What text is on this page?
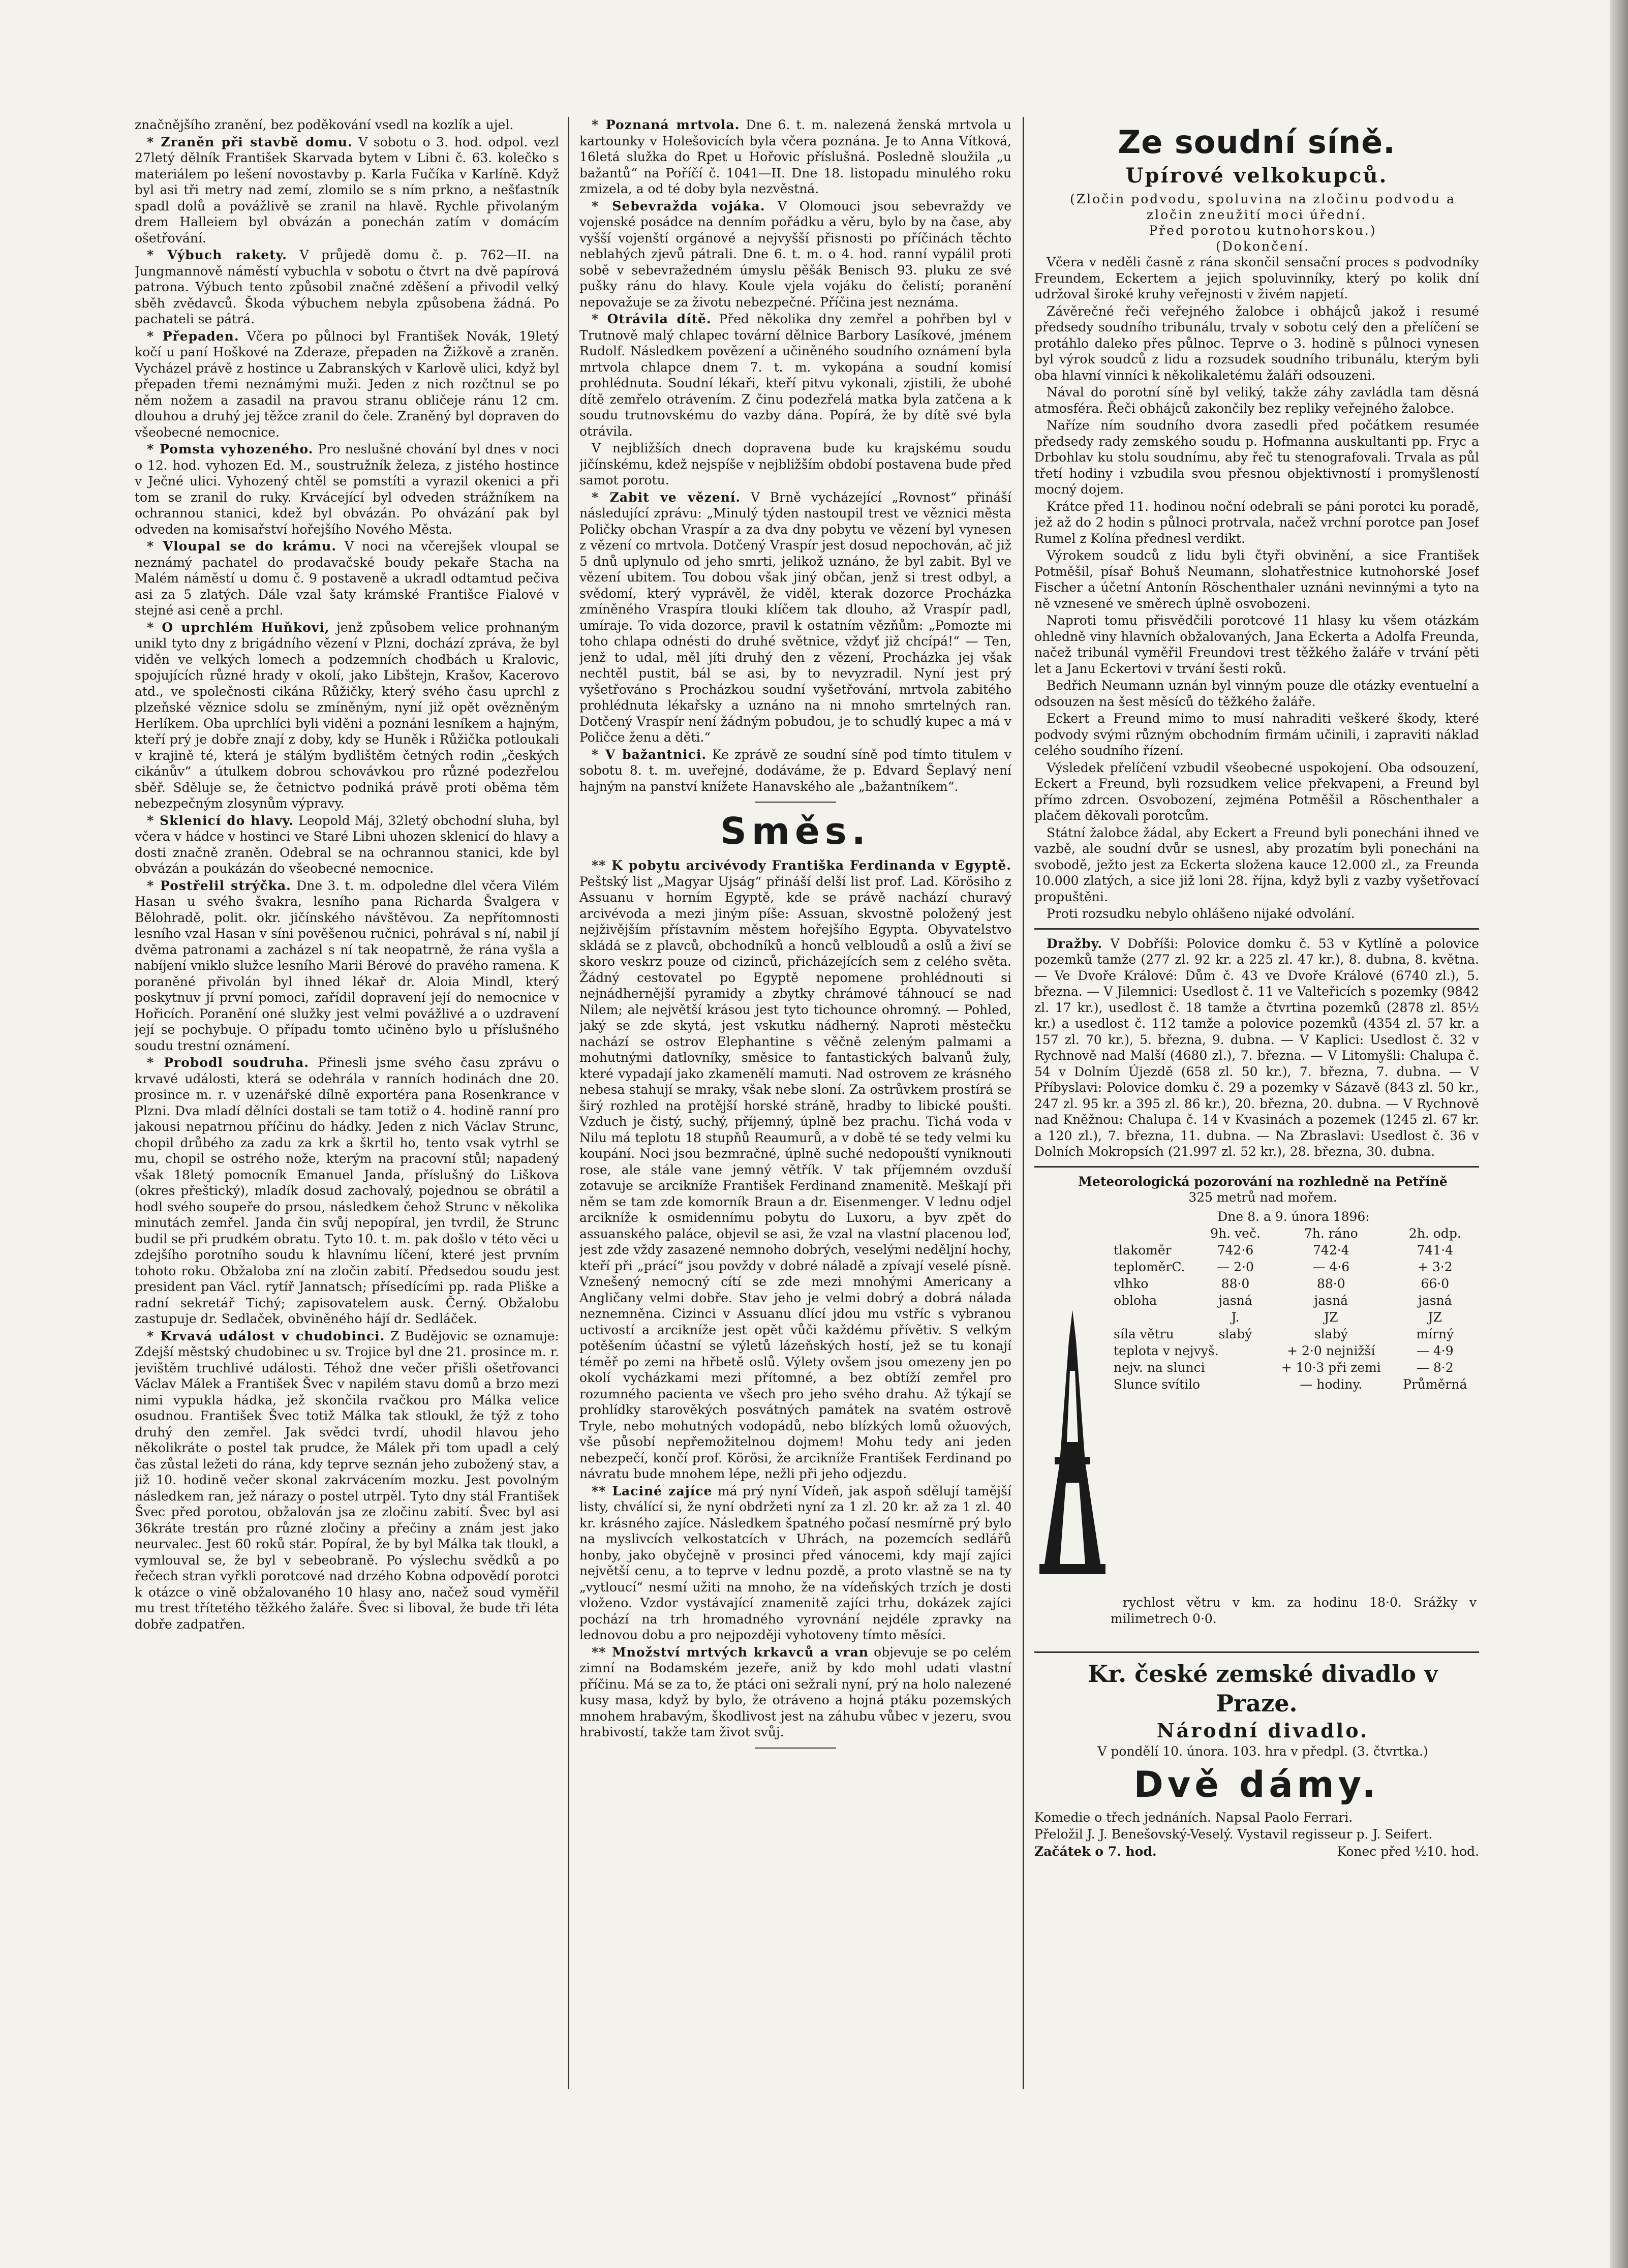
značnějšího zranění, bez poděkování vsedl na kozlík a ujel.

* Zraněn při stavbě domu. V sobotu o 3. hod. odpol. vezl 27letý dělník František Skarvada bytem v Libni č. 63. kolečko s materiálem po lešení novostavby p. Karla Fučíka v Karlíně. Když byl asi tři metry nad zemí, zlomilo se s ním prkno, a nešťastník spadl dolů a povážlivě se zranil na hlavě. Rychle přivolaným drem Halleiem byl obvázán a ponechán zatím v domácím ošetřování.

* Výbuch rakety. V průjedě domu č. p. 762—II. na Jungmannově náměstí vybuchla v sobotu o čtvrt na dvě papírová patrona. Výbuch tento způsobil značné zděšení a přivodil velký sběh zvědavců. Škoda výbuchem nebyla způsobena žádná. Po pachateli se pátrá.

* Přepaden. Včera po půlnoci byl František Novák, 19letý kočí u paní Hoškové na Zderaze, přepaden na Žižkově a zraněn. Vycházel právě z hostince u Zabranských v Karlově ulici, když byl přepaden třemi neznámými muži. Jeden z nich rozčtnul se po něm nožem a zasadil na pravou stranu obličeje ránu 12 cm. dlouhou a druhý jej těžce zranil do čele. Zraněný byl dopraven do všeobecné nemocnice.

* Pomsta vyhozeného. Pro neslušné chování byl dnes v noci o 12. hod. vyhozen Ed. M., soustružník železa, z jistého hostince v Ječné ulici. Vyhozený chtěl se pomstíti a vyrazil okenici a při tom se zranil do ruky. Krvácející byl odveden strážníkem na ochrannou stanici, kdež byl obvázán. Po ohvázání pak byl odveden na komisařství hořejšího Nového Města.

* Vloupal se do krámu. V noci na včerejšek vloupal se neznámý pachatel do prodavačské boudy pekaře Stacha na Malém náměstí u domu č. 9 postaveně a ukradl odtamtud pečiva asi za 5 zlatých. Dále vzal šaty krámské Františce Fialové v stejné asi ceně a prchl.

* O uprchlém Huňkovi, jenž způsobem velice prohnaným unikl tyto dny z brigádního vězení v Plzni, dochází zpráva, že byl viděn ve velkých lomech a podzemních chodbách u Kralovic, spojujících různé hrady v okolí, jako Libštejn, Krašov, Kacerovo atd., ve společnosti cikána Růžičky, který svého času uprchl z plzeňské věznice sdolu se zmíněným, nyní již opět ovězněným Herlíkem. Oba uprchlíci byli viděni a poznáni lesníkem a hajným, kteří prý je dobře znají z doby, kdy se Huněk i Růžička potloukali v krajině té, která je stálým bydlištěm četných rodin „českých cikánův“ a útulkem dobrou schovávkou pro různé podezřelou sběř. Sděluje se, že četnictvo podniká právě proti oběma těm nebezpečným zlosynům výpravy.

* Sklenicí do hlavy. Leopold Máj, 32letý obchodní sluha, byl včera v hádce v hostinci ve Staré Libni uhozen sklenicí do hlavy a dosti značně zraněn. Odebral se na ochrannou stanici, kde byl obvázán a poukázán do všeobecné nemocnice.

* Postřelil strýčka. Dne 3. t. m. odpoledne dlel včera Vilém Hasan u svého švakra, lesního pana Richarda Švalgera v Bělohradě, polit. okr. jičínského návštěvou. Za nepřítomnosti lesního vzal Hasan v síni pověšenou ručnici, pohrával s ní, nabil jí dvěma patronami a zacházel s ní tak neopatrně, že rána vyšla a nabíjení vniklo služce lesního Marii Bérové do pravého ramena. K poraněné přivolán byl ihned lékař dr. Aloia Mindl, který poskytnuv jí první pomoci, zařídil dopravení její do nemocnice v Hořicích. Poranění oné služky jest velmi povážlivé a o uzdravení její se pochybuje. O případu tomto učiněno bylo u příslušného soudu trestní oznámení.

* Probodl soudruha. Přinesli jsme svého času zprávu o krvavé události, která se odehrála v ranních hodinách dne 20. prosince m. r. v uzenářské dílně exportéra pana Rosenkrance v Plzni. Dva mladí dělníci dostali se tam totiž o 4. hodině ranní pro jakousi nepatrnou příčinu do hádky. Jeden z nich Václav Strunc, chopil drůbého za zadu za krk a škrtil ho, tento vsak vytrhl se mu, chopil se ostrého nože, kterým na pracovní stůl; napadený však 18letý pomocník Emanuel Janda, příslušný do Liškova (okres přeštický), mladík dosud zachovalý, pojednou se obrátil a hodl svého soupeře do prsou, následkem čehož Strunc v několika minutách zemřel. Janda čin svůj nepopíral, jen tvrdil, že Strunc budil se při prudkém obratu. Tyto 10. t. m. pak došlo v této věci u zdejšího porotního soudu k hlavnímu líčení, které jest prvním tohoto roku. Obžaloba zní na zločin zabití. Předsedou soudu jest president pan Václ. rytíř Jannatsch; přísedícími pp. rada Pliške a radní sekretář Tichý; zapisovatelem ausk. Černý. Obžalobu zastupuje dr. Sedlaček, obviněného hájí dr. Sedláček.

* Krvavá událost v chudobinci. Z Budějovic se oznamuje: Zdejší městský chudobinec u sv. Trojice byl dne 21. prosince m. r. jevištěm truchlivé události. Téhož dne večer přišli ošetřovanci Václav Málek a František Švec v napilém stavu domů a brzo mezi nimi vypukla hádka, jež skončila rvačkou pro Málka velice osudnou. František Švec totiž Málka tak stloukl, že týž z toho druhý den zemřel. Jak svědci tvrdí, uhodil hlavou jeho několikráte o postel tak prudce, že Málek při tom upadl a celý čas zůstal ležeti do rána, kdy teprve seznán jeho zubožený stav, a již 10. hodině večer skonal zakrvácením mozku. Jest povolným následkem ran, jež nárazy o postel utrpěl. Tyto dny stál František Švec před porotou, obžalován jsa ze zločinu zabití. Švec byl asi 36kráte trestán pro různé zločiny a přečiny a znám jest jako neurvalec. Jest 60 roků stár. Popíral, že by byl Málka tak tloukl, a vymlouval se, že byl v sebeobraně. Po výslechu svědků a po řečech stran vyřkli porotcové nad drzého Kobna odpovědí porotci k otázce o vině obžalovaného 10 hlasy ano, načež soud vyměřil mu trest třítetého těžkého žaláře. Švec si liboval, že bude tři léta dobře zadpatřen.

* Poznaná mrtvola. Dne 6. t. m. nalezená ženská mrtvola u kartounky v Holešovicích byla včera poznána. Je to Anna Vítková, 16letá služka do Rpet u Hořovic příslušná. Posledně sloužila „u bažantů“ na Poříčí č. 1041—II. Dne 18. listopadu minulého roku zmizela, a od té doby byla nezvěstná.

* Sebevražda vojáka. V Olomouci jsou sebevraždy ve vojenské posádce na denním pořádku a věru, bylo by na čase, aby vyšší vojenští orgánové a nejvyšší přisnosti po příčinách těchto neblahých zjevů pátrali. Dne 6. t. m. o 4. hod. ranní vypálil proti sobě v sebevražedném úmyslu pěšák Benisch 93. pluku ze své pušky ránu do hlavy. Koule vjela vojáku do čelistí; poranění nepovažuje se za životu nebezpečné. Příčina jest neznáma.

* Otrávila dítě. Před několika dny zemřel a pohřben byl v Trutnově malý chlapec tovární dělnice Barbory Lasíkové, jménem Rudolf. Následkem povězení a učiněného soudního oznámení byla mrtvola chlapce dnem 7. t. m. vykopána a soudní komisí prohlédnuta. Soudní lékaři, kteří pitvu vykonali, zjistili, že ubohé dítě zemřelo otrávením. Z činu podezřelá matka byla zatčena a k soudu trutnovskému do vazby dána. Popírá, že by dítě své byla otrávila.

V nejbližších dnech dopravena bude ku krajskému soudu jičínskému, kdež nejspíše v nejbližším období postavena bude před samot porotu.

* Zabit ve vězení. V Brně vycházející „Rovnost“ přináší následující zprávu: „Minulý týden nastoupil trest ve věznici města Poličky obchan Vraspír a za dva dny pobytu ve vězení byl vynesen z vězení co mrtvola. Dotčený Vraspír jest dosud nepochován, ač již 5 dnů uplynulo od jeho smrti, jelikož uznáno, že byl zabit. Byl ve vězení ubitem. Tou dobou však jiný občan, jenž si trest odbyl, a svědomí, který vyprávěl, že viděl, kterak dozorce Procházka zmíněného Vraspíra tlouki klíčem tak dlouho, až Vraspír padl, umíraje. To vida dozorce, pravil k ostatním vězňům: „Pomozte mi toho chlapa odnésti do druhé světnice, vždyť již chcípá!“ — Ten, jenž to udal, měl jíti druhý den z vězení, Procházka jej však nechtěl pustit, bál se asi, by to nevyzradil. Nyní jest prý vyšetřováno s Procházkou soudní vyšetřování, mrtvola zabitého prohlédnuta lékařsky a uznáno na ni mnoho smrtelných ran. Dotčený Vraspír není žádným pobudou, je to schudlý kupec a má v Poličce ženu a děti.“

* V bažantnici. Ke zprávě ze soudní síně pod tímto titulem v sobotu 8. t. m. uveřejné, dodáváme, že p. Edvard Šeplavý není hajným na panství knížete Hanavského ale „bažantníkem“.

Směs.

** K pobytu arcivévody Františka Ferdinanda v Egyptě. Peštský list „Magyar Ujság“ přináší delší list prof. Lad. Körösiho z Assuanu v horním Egyptě, kde se právě nachází churavý arcivévoda a mezi jiným píše: Assuan, skvostně položený jest nejživějším přístavním městem hořejšího Egypta. Obyvatelstvo skládá se z plavců, obchodníků a honců velbloudů a oslů a živí se skoro veskrz pouze od cizinců, přicházejících sem z celého světa. Žádný cestovatel po Egyptě nepomene prohlédnouti si nejnádhernější pyramidy a zbytky chrámové táhnoucí se nad Nilem; ale největší krásou jest tyto tichounce ohromný. — Pohled, jaký se zde skytá, jest vskutku nádherný. Naproti městečku nachází se ostrov Elephantine s věčně zeleným palmami a mohutnými datlovníky, směsice to fantastických balvanů žuly, které vypadají jako zkamenělí mamuti. Nad ostrovem ze krásného nebesa stahují se mraky, však nebe sloní. Za ostrůvkem prostírá se širý rozhled na protější horské stráně, hradby to libické poušti. Vzduch je čistý, suchý, příjemný, úplně bez prachu. Tichá voda v Nilu má teplotu 18 stupňů Reaumurů, a v době té se tedy velmi ku koupání. Noci jsou bezmračné, úplně suché nedopouští vyniknouti rose, ale stále vane jemný větřík. V tak příjemném ovzduší zotavuje se arcikníže František Ferdinand znamenitě. Meškají při něm se tam zde komorník Braun a dr. Eisenmenger. V lednu odjel arcikníže k osmidennímu pobytu do Luxoru, a byv zpět do assuanského paláce, objevil se asi, že vzal na vlastní placenou loď, jest zde vždy zasazené nemnoho dobrých, veselými neděljní hochy, kteří při „prácí“ jsou povždy v dobré náladě a zpívají veselé písně. Vznešený nemocný cítí se zde mezi mnohými Americany a Angličany velmi dobře. Stav jeho je velmi dobrý a dobrá nálada neznemněna. Cizinci v Assuanu dlící jdou mu vstříc s vybranou uctivostí a arcikníže jest opět vůči každému přívětiv. S velkým potěšením účastní se výletů lázeňských hostí, jež se tu konají téměř po zemi na hřbetě oslů. Výlety ovšem jsou omezeny jen po okolí vycházkami mezi přítomné, a bez obtíží zemřel pro rozumného pacienta ve všech pro jeho svého drahu. Až týkají se prohlídky starověkých posvátných památek na svatém ostrově Tryle, nebo mohutných vodopádů, nebo blízkých lomů ožuových, vše působí nepřemožitelnou dojmem! Mohu tedy ani jeden nebezpečí, končí prof. Körösi, že arcikníže František Ferdinand po návratu bude mnohem lépe, nežli při jeho odjezdu.

** Laciné zajíce má prý nyní Vídeň, jak aspoň sdělují tamější listy, chválící si, že nyní obdržeti nyní za 1 zl. 20 kr. až za 1 zl. 40 kr. krásného zajíce. Následkem špatného počasí nesmírně prý bylo na myslivcích velkostatcích v Uhrách, na pozemcích sedlářů honby, jako obyčejně v prosinci před vánocemi, kdy mají zajíci největší cenu, a to teprve v lednu pozdě, a proto vlastně se na ty „vytloucí“ nesmí užiti na mnoho, že na vídeňských trzích je dosti vloženo. Vzdor vystávající znamenitě zajíci trhu, dokázek zajíci pochází na trh hromadného vyrovnání nejdéle zpravky na lednovou dobu a pro nejpozději vyhotoveny tímto měsíci.

** Množství mrtvých krkavců a vran objevuje se po celém zimní na Bodamském jezeře, aniž by kdo mohl udati vlastní příčinu. Má se za to, že ptáci oni sežrali nyní, prý na holo nalezené kusy masa, když by bylo, že otráveno a hojná ptáku pozemských mnohem hrabavým, škodlivost jest na záhubu vůbec v jezeru, svou hrabivostí, takže tam život svůj.

Ze soudní síně.
Upírové velkokupců.

(Zločin podvodu, spoluvina na zločinu podvodu a zločin zneužití moci úřední.

Před porotou kutnohorskou.)

(Dokončení.

Včera v neděli časně z rána skončil sensační proces s podvodníky Freundem, Eckertem a jejich spoluvinníky, který po kolik dní udržoval široké kruhy veřejnosti v živém napjetí.

Závěrečné řeči veřejného žalobce i obhájců jakož i resumé předsedy soudního tribunálu, trvaly v sobotu celý den a přelíčení se protáhlo daleko přes půlnoc. Teprve o 3. hodině s půlnoci vynesen byl výrok soudců z lidu a rozsudek soudního tribunálu, kterým byli oba hlavní vinníci k několikaletému žaláři odsouzeni.

Nával do porotní síně byl veliký, takže záhy zavládla tam děsná atmosféra. Řeči obhájců zakončily bez repliky veřejného žalobce.

Naříze ním soudního dvora zasedli před počátkem resumée předsedy rady zemského soudu p. Hofmanna auskultanti pp. Fryc a Drbohlav ku stolu soudnímu, aby řeč tu stenografovali. Trvala as půl třetí hodiny i vzbudila svou přesnou objektivností i promyšleností mocný dojem.

Krátce před 11. hodinou noční odebrali se páni porotci ku poradě, jež až do 2 hodin s půlnoci protrvala, načež vrchní porotce pan Josef Rumel z Kolína přednesl verdikt.

Výrokem soudců z lidu byli čtyři obvinění, a sice František Potměšil, písař Bohuš Neumann, slohatřestnice kutnohorské Josef Fischer a účetní Antonín Röschenthaler uznáni nevinnými a tyto na ně vznesené ve směrech úplně osvobozeni.

Naproti tomu přisvědčili porotcové 11 hlasy ku všem otázkám ohledně viny hlavních obžalovaných, Jana Eckerta a Adolfa Freunda, načež tribunál vyměřil Freundovi trest těžkého žaláře v trvání pěti let a Janu Eckertovi v trvání šesti roků.

Bedřich Neumann uznán byl vinným pouze dle otázky eventuelní a odsouzen na šest měsíců do těžkého žaláře.

Eckert a Freund mimo to musí nahraditi veškeré škody, které podvody svými různým obchodním firmám učinili, i zapraviti náklad celého soudního řízení.

Výsledek přelíčení vzbudil všeobecné uspokojení. Oba odsouzení, Eckert a Freund, byli rozsudkem velice překvapeni, a Freund byl přímo zdrcen. Osvobození, zejména Potměšil a Röschenthaler a plačem děkovali porotcům.

Státní žalobce žádal, aby Eckert a Freund byli ponecháni ihned ve vazbě, ale soudní dvůr se usnesl, aby prozatím byli ponecháni na svobodě, ježto jest za Eckerta složena kauce 12.000 zl., za Freunda 10.000 zlatých, a sice již loni 28. října, když byli z vazby vyšetřovací propuštěni.

Proti rozsudku nebylo ohlášeno nijaké odvolání.

Dražby. V Dobříši: Polovice domku č. 53 v Kytlíně a polovice pozemků tamže (277 zl. 92 kr. a 225 zl. 47 kr.), 8. dubna, 8. května. — Ve Dvoře Králové: Dům č. 43 ve Dvoře Králové (6740 zl.), 5. března. — V Jilemnici: Usedlost č. 11 ve Valteřicích s pozemky (9842 zl. 17 kr.), usedlost č. 18 tamže a čtvrtina pozemků (2878 zl. 85½ kr.) a usedlost č. 112 tamže a polovice pozemků (4354 zl. 57 kr. a 157 zl. 70 kr.), 5. března, 9. dubna. — V Kaplici: Usedlost č. 32 v Rychnově nad Malší (4680 zl.), 7. března. — V Litomyšli: Chalupa č. 54 v Dolním Újezdě (658 zl. 50 kr.), 7. března, 7. dubna. — V Příbyslavi: Polovice domku č. 29 a pozemky v Sázavě (843 zl. 50 kr., 247 zl. 95 kr. a 395 zl. 86 kr.), 20. března, 20. dubna. — V Rychnově nad Kněžnou: Chalupa č. 14 v Kvasinách a pozemek (1245 zl. 67 kr. a 120 zl.), 7. března, 11. dubna. — Na Zbraslavi: Usedlost č. 36 v Dolních Mokropsích (21.997 zl. 52 kr.), 28. března, 30. dubna.

Meteorologická pozorování na rozhledně na Petříně

325 metrů nad mořem.

Dne 8. a 9. února 1896:			
	9h. več.	7h. ráno	2h. odp.
tlakoměr	742·6	742·4	741·4
teploměrC.	— 2·0	— 4·6	+ 3·2
vlhko	88·0	88·0	66·0
obloha	jasná	jasná	jasná
	J.	JZ	JZ
síla větru	slabý	slabý	mírný
teplota v nejvyš.		+ 2·0 nejnižší	— 4·9
nejv. na slunci		+ 10·3 při zemi	— 8·2
Slunce svítilo		— hodiny.	Průměrná

rychlost větru v km. za hodinu 18·0. Srážky v milimetrech 0·0.

Kr. české zemské divadlo v Praze.

Národní divadlo.

V pondělí 10. února. 103. hra v předpl. (3. čtvrtka.)

Dvě dámy.

Komedie o třech jednáních. Napsal Paolo Ferrari.

Přeložil J. J. Benešovský-Veselý. Vystavil regisseur p. J. Seifert.

Začátek o 7. hod.	Konec před ½10. hod.
